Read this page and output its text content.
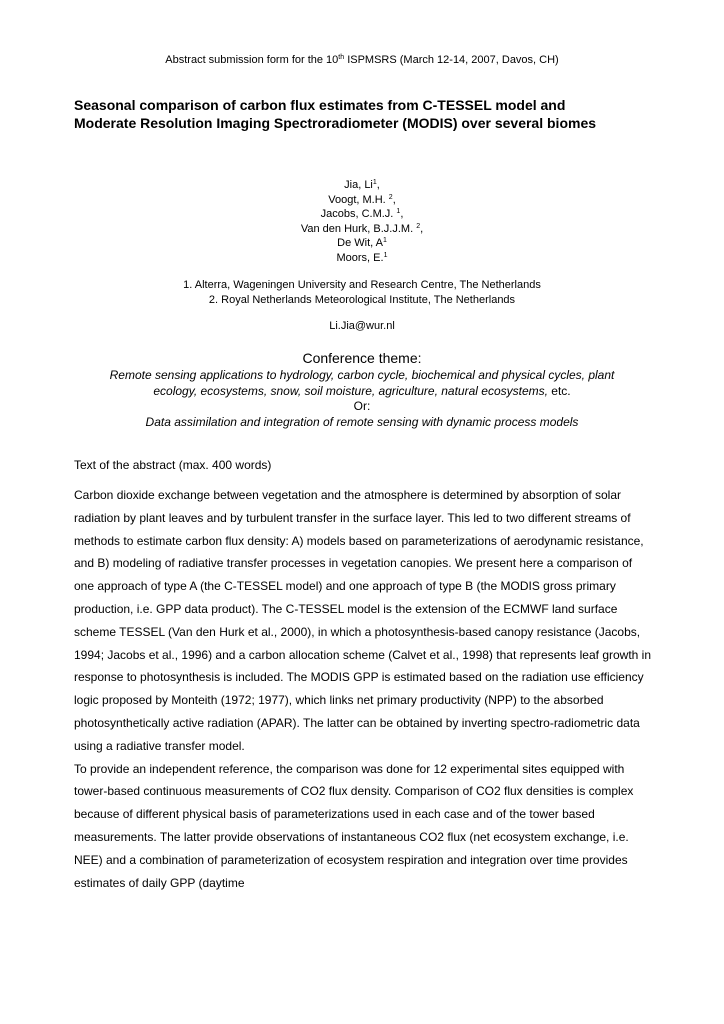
Abstract submission form for the 10th ISPMSRS (March 12-14, 2007, Davos, CH)
Seasonal comparison of carbon flux estimates from C-TESSEL model and
Moderate Resolution Imaging Spectroradiometer (MODIS) over several biomes
Jia, Li$^1$,
Voogt, M.H. $^2$,
Jacobs, C.M.J. $^1$,
Van den Hurk, B.J.J.M. $^2$,
De Wit, $A^1$
Moors, E.$^1$
1. Alterra, Wageningen University and Research Centre, The Netherlands
2. Royal Netherlands Meteorological Institute, The Netherlands
Li.Jia@wur.nl
Conference theme:
Remote sensing applications to hydrology, carbon cycle, biochemical and physical cycles, plant
ecology, ecosystems, snow, soil moisture, agriculture, natural ecosystems, etc.
Or:
Data assimilation and integration of remote sensing with dynamic process models
Text of the abstract (max. 400 words)

Carbon dioxide exchange between vegetation and the atmosphere is determined by absorption of solar radiation by plant leaves and by turbulent transfer in the surface layer. This led to two different streams of methods to estimate carbon flux density: A) models based on parameterizations of aerodynamic resistance, and B) modeling of radiative transfer processes in vegetation canopies. We present here a comparison of one approach of type A (the C-TESSEL model) and one approach of type B (the MODIS gross primary production, i.e. GPP data product). The C-TESSEL model is the extension of the ECMWF land surface scheme TESSEL (Van den Hurk et al., 2000), in which a photosynthesis-based canopy resistance (Jacobs, 1994; Jacobs et al., 1996) and a carbon allocation scheme (Calvet et al., 1998) that represents leaf growth in response to photosynthesis is included. The MODIS GPP is estimated based on the radiation use efficiency logic proposed by Monteith (1972; 1977), which links net primary productivity (NPP) to the absorbed photosynthetically active radiation (APAR). The latter can be obtained by inverting spectro-radiometric data using a radiative transfer model.

To provide an independent reference, the comparison was done for 12 experimental sites equipped with tower-based continuous measurements of CO2 flux density. Comparison of CO2 flux densities is complex because of different physical basis of parameterizations used in each case and of the tower based measurements. The latter provide observations of instantaneous CO2 flux (net ecosystem exchange, i.e. NEE) and a combination of parameterization of ecosystem respiration and integration over time provides estimates of daily GPP (daytime
